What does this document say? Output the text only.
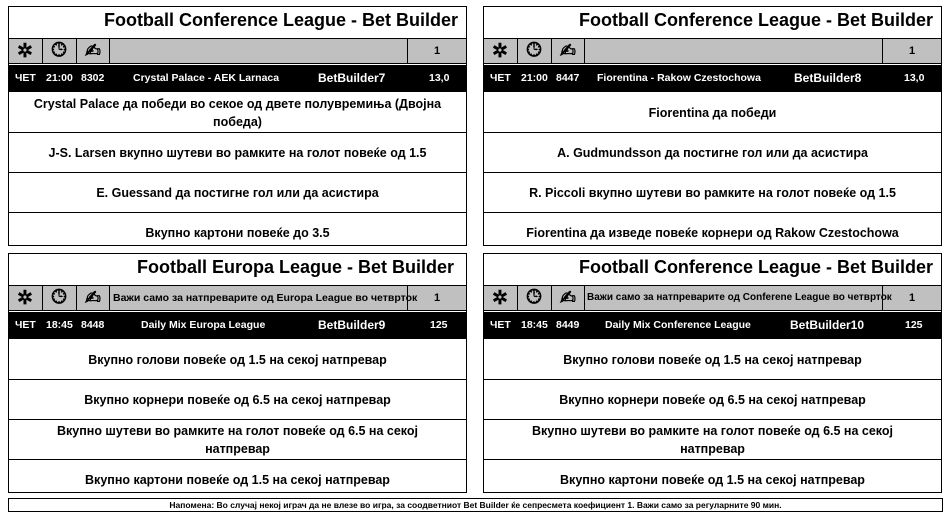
Football Conference League - Bet Builder
✲ 🕒︎ ✍︎	1
ЧЕТ 21:00 8302	Crystal Palace - AEK Larnaca	BetBuilder7	13,0
Crystal Palace да победи во секое од двете полувремиња (Двојна победа)
J-S. Larsen вкупно шутеви во рамките на голот повеќе од 1.5
E. Guessand да постигне гол или да асистира
Вкупно картони повеќе до 3.5
Football Conference League - Bet Builder
✲ 🕒︎ ✍︎	1
ЧЕТ 21:00 8447 Fiorentina - Rakow Czestochowa	BetBuilder8	13,0
Fiorentina да победи
A. Gudmundsson да постигне гол или да асистира
R. Piccoli вкупно шутеви во рамките на голот повеќе од 1.5
Fiorentina да изведе повеќе корнери од Rakow Czestochowa
Football Europa League - Bet Builder
✲ 🕒︎ ✍︎	Важи само за натпреварите од Europa League во четврток	1
ЧЕТ 18:45 8448	Daily Mix Europa League	BetBuilder9	125
Вкупно голови повеќе од 1.5 на секој натпревар
Вкупно корнери повеќе од 6.5 на секој натпревар
Вкупно шутеви во рамките на голот повеќе од 6.5 на секој натпревар
Вкупно картони повеќе од 1.5 на секој натпревар
Football Conference League - Bet Builder
✲ 🕒︎ ✍︎	Важи само за натпреварите од Conferene League во четврток	1
ЧЕТ 18:45 8449 Daily Mix Conference League	BetBuilder10	125
Вкупно голови повеќе од 1.5 на секој натпревар
Вкупно корнери повеќе од 6.5 на секој натпревар
Вкупно шутеви во рамките на голот повеќе од 6.5 на секој натпревар
Вкупно картони повеќе од 1.5 на секој натпревар
Напомена: Во случај некој играч да не влезе во игра, за соодветниот Bet Builder ќе сепресмета коефициент 1. Важи само за регуларните 90 мин.
